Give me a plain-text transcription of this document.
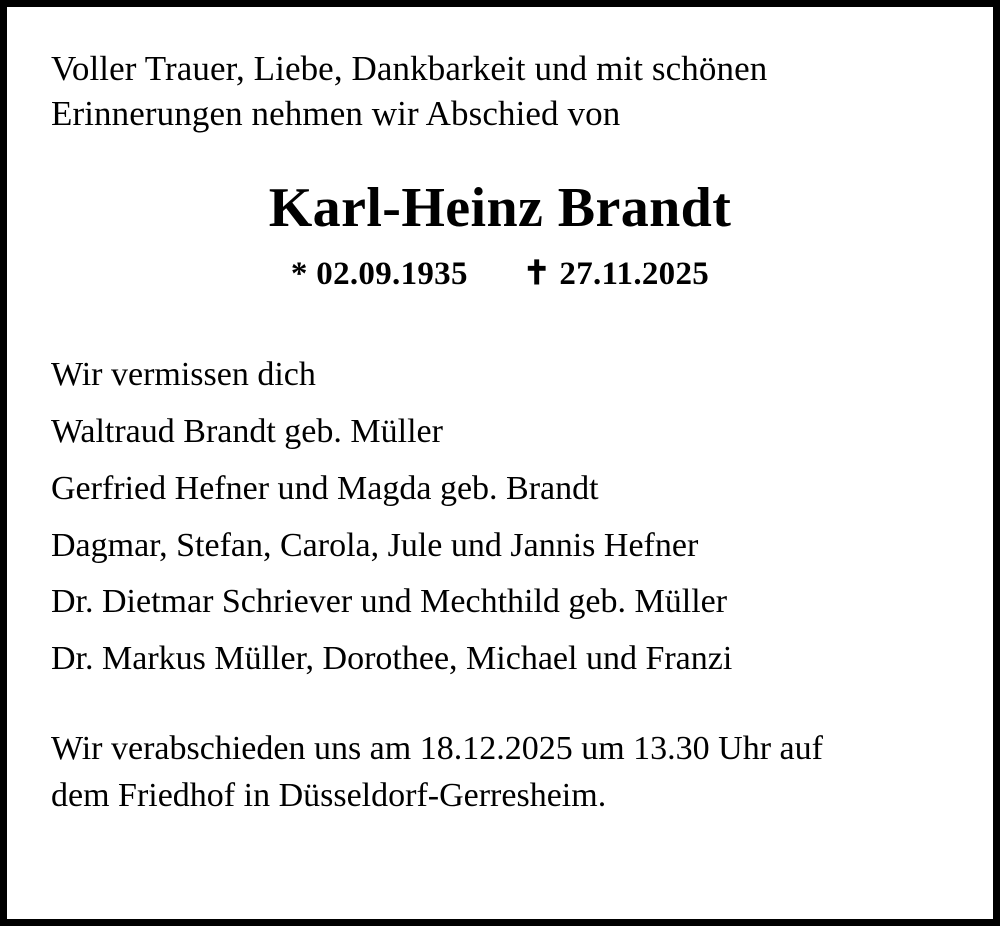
Voller Trauer, Liebe, Dankbarkeit und mit schönen
Erinnerungen nehmen wir Abschied von
Karl-Heinz Brandt
* 02.09.1935 ✝ 27.11.2025
Wir vermissen dich
Waltraud Brandt geb. Müller
Gerfried Hefner und Magda geb. Brandt
Dagmar, Stefan, Carola, Jule und Jannis Hefner
Dr. Dietmar Schriever und Mechthild geb. Müller
Dr. Markus Müller, Dorothee, Michael und Franzi
Wir verabschieden uns am 18.12.2025 um 13.30 Uhr auf
dem Friedhof in Düsseldorf-Gerresheim.
